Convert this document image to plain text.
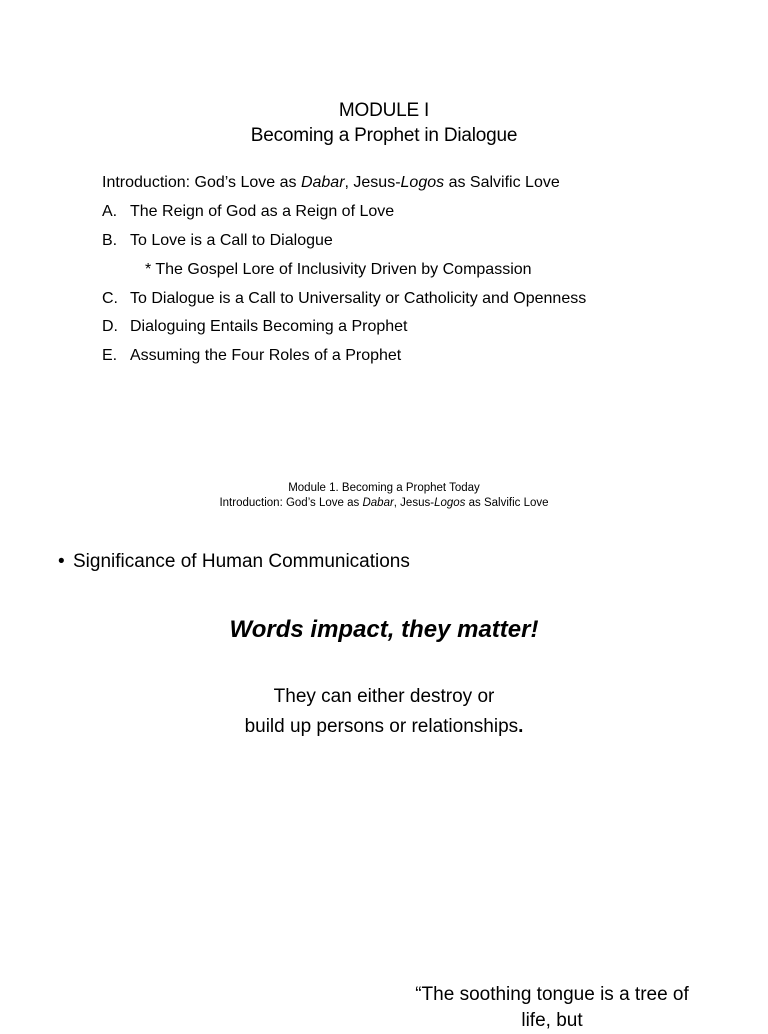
MODULE I
Becoming a Prophet in Dialogue
Introduction: God’s Love as Dabar, Jesus-Logos as Salvific Love
A. The Reign of God as a Reign of Love
B. To Love is a Call to Dialogue
* The Gospel Lore of Inclusivity Driven by Compassion
C. To Dialogue is a Call to Universality or Catholicity and Openness
D. Dialoguing Entails Becoming a Prophet
E. Assuming the Four Roles of a Prophet
Module 1. Becoming a Prophet Today
Introduction: God’s Love as Dabar, Jesus-Logos as Salvific Love
• Significance of Human Communications
Words impact, they matter!
They can either destroy or
build up persons or relationships.
“The soothing tongue is a tree of
life, but
